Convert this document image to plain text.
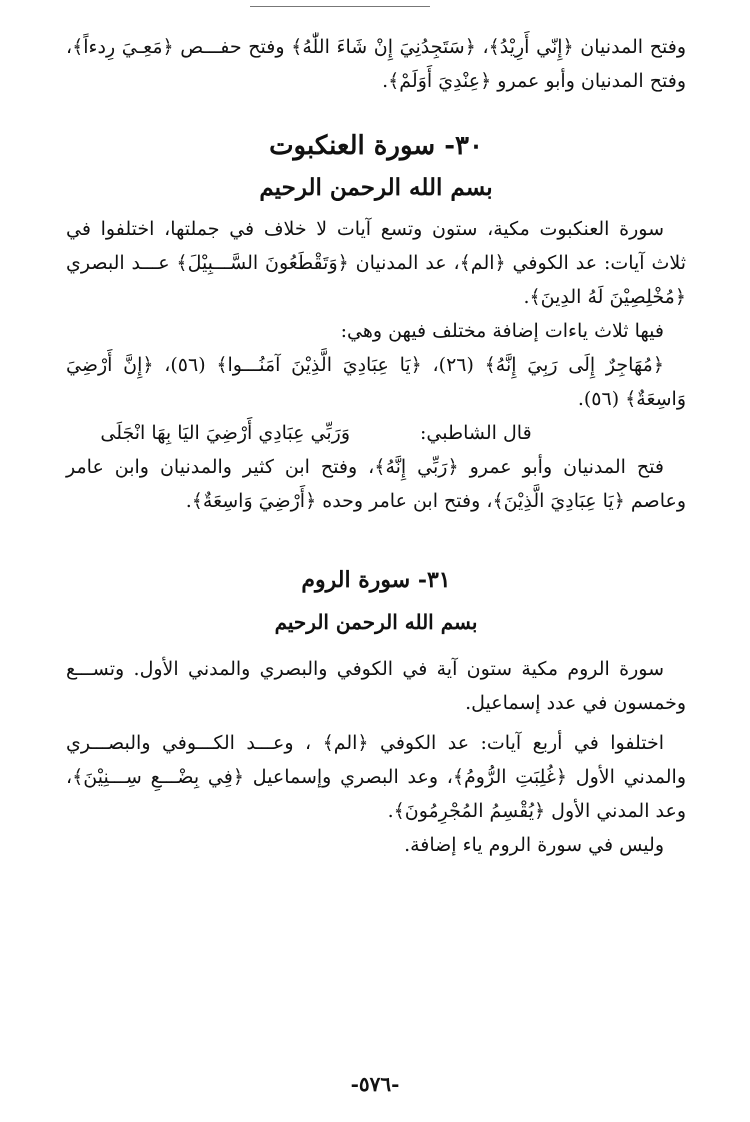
وفتح المدنيان ﴿إِنّي أَرِيْدُ﴾، ﴿سَتَجِدُنِيَ إِنْ شَاءَ اللّٰهُ﴾ وفتح حفـــص ﴿مَعِـيَ رِدءاً﴾، وفتح المدنيان وأبو عمرو ﴿عِنْدِيَ أَوَلَمْ﴾.

٣٠- سورة العنكبوت
بسم الله الرحمن الرحيم

سورة العنكبوت مكية، ستون وتسع آيات لا خلاف في جملتها، اختلفوا في ثلاث آيات: عد الكوفي ﴿الم﴾، عد المدنيان ﴿وَتَقْطَعُونَ السَّـــبِيْلَ﴾ عـــد البصري ﴿مُخْلِصِيْنَ لَهُ الدِينَ﴾.

فيها ثلاث ياءات إضافة مختلف فيهن وهي:

﴿مُهَاجِرٌ إِلَى رَبِيَ إِنَّهُ﴾ (٢٦)، ﴿يَا عِبَادِيَ الَّذِيْنَ آمَنُـــوا﴾ (٥٦)، ﴿إِنَّ أَرْضِيَ وَاسِعَةٌ﴾ (٥٦).

قال الشاطبي:
وَرَبِّي عِبَادِي أَرْضِيَ اليَا بِهَا انْجَلَى

فتح المدنيان وأبو عمرو ﴿رَبِّي إِنَّهُ﴾، وفتح ابن كثير والمدنيان وابن عامر وعاصم ﴿يَا عِبَادِيَ الَّذِيْنَ﴾، وفتح ابن عامر وحده ﴿أَرْضِيَ وَاسِعَةٌ﴾.

٣١- سورة الروم
بسم الله الرحمن الرحيم

سورة الروم مكية ستون آية في الكوفي والبصري والمدني الأول. وتســـع وخمسون في عدد إسماعيل.

اختلفوا في أربع آيات: عد الكوفي ﴿الم﴾ ، وعـــد الكـــوفي والبصـــري والمدني الأول ﴿غُلِبَتِ الرُّومُ﴾، وعد البصري وإسماعيل ﴿فِي بِضْـــعِ سِـــنِيْنَ﴾، وعد المدني الأول ﴿يُقْسِمُ المُجْرِمُونَ﴾.

وليس في سورة الروم ياء إضافة.

-٥٧٦-
